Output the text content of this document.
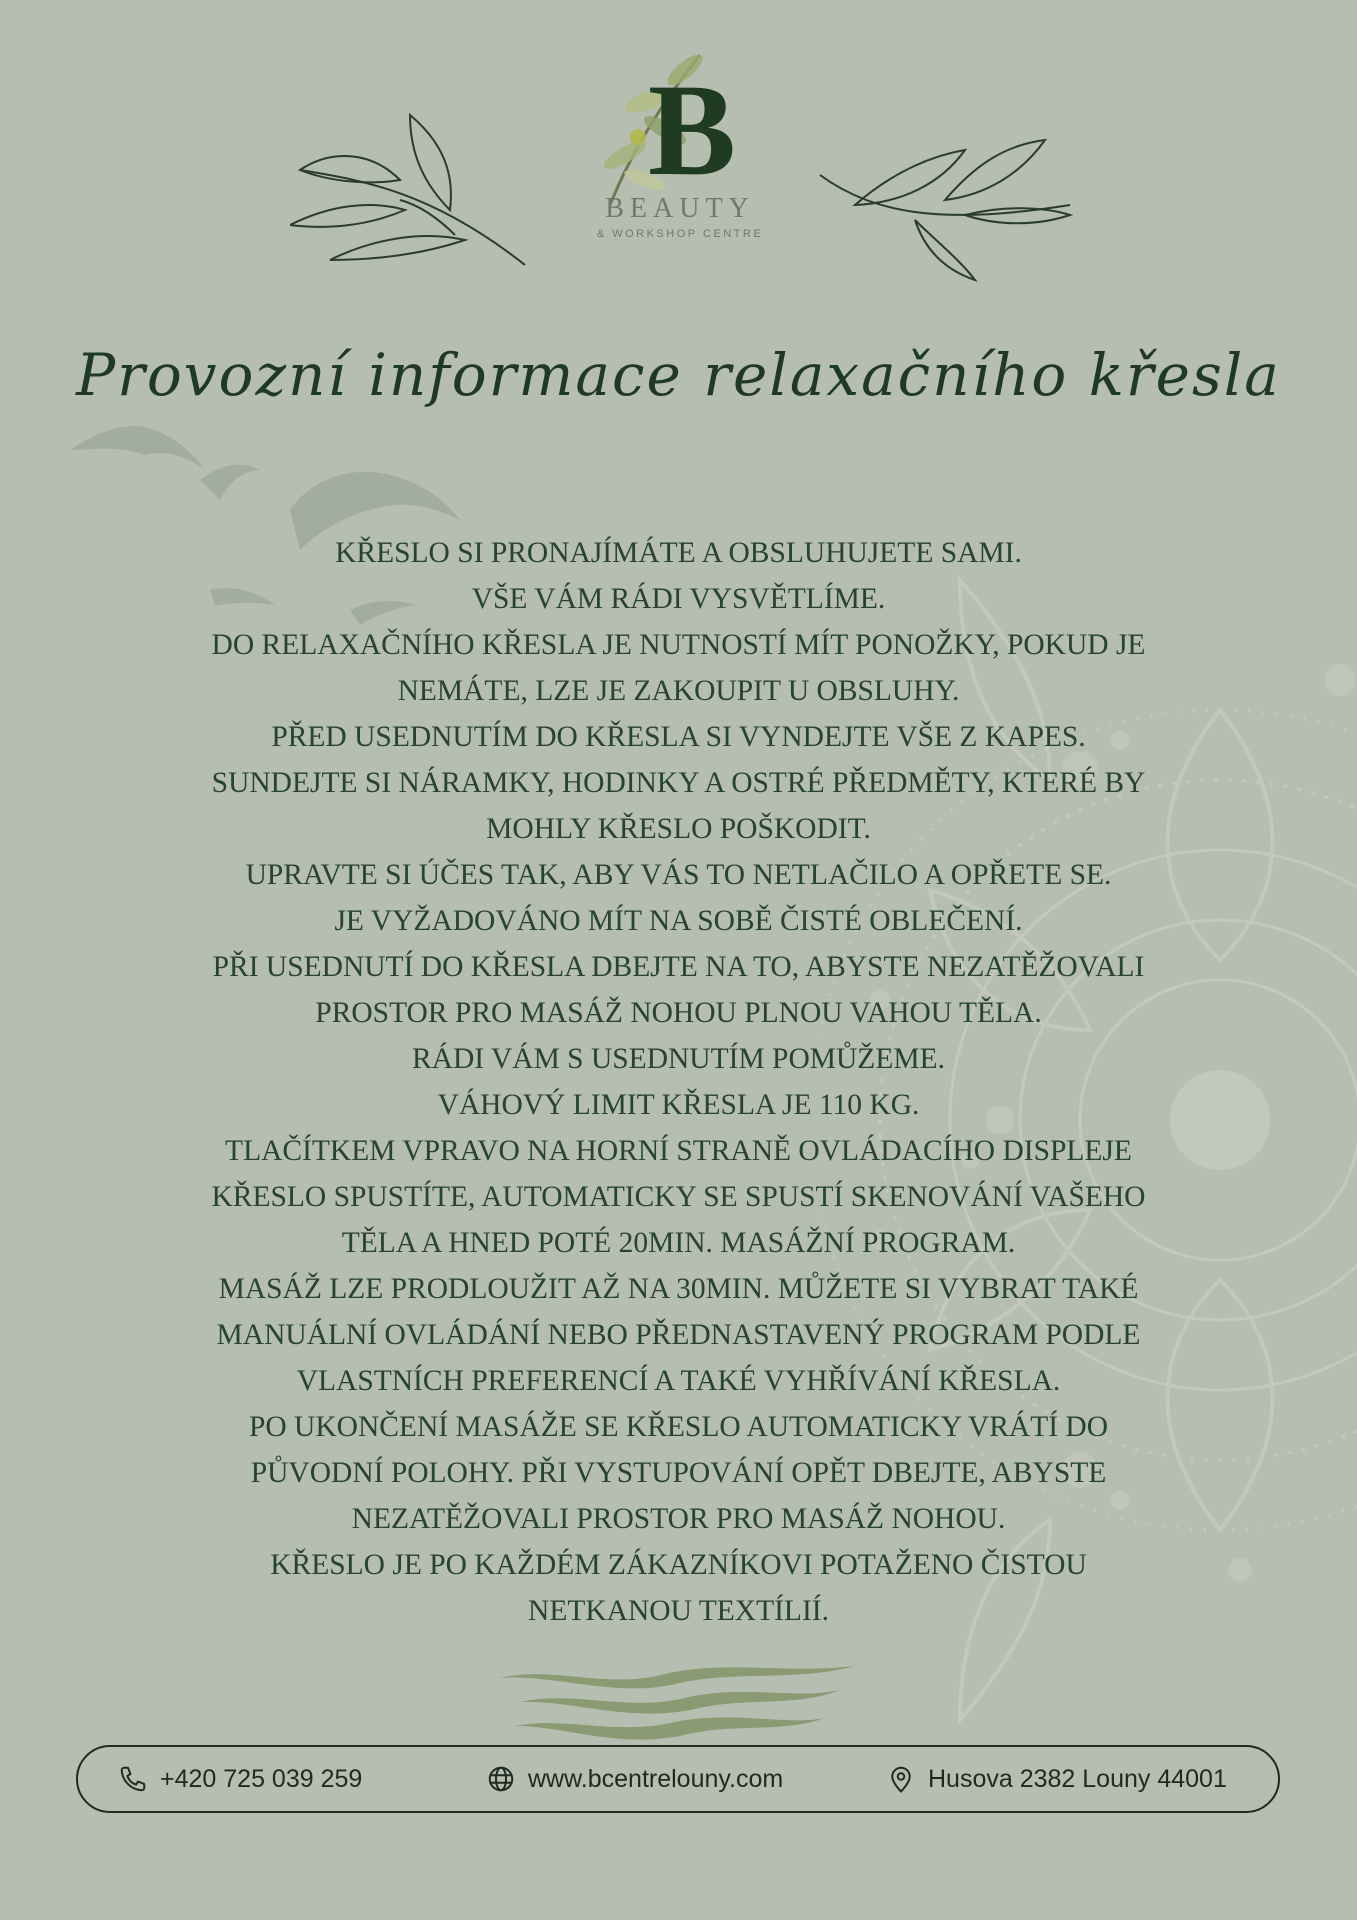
B
BEAUTY
& WORKSHOP CENTRE
Provozní informace relaxačního křesla
KŘESLO SI PRONAJÍMÁTE A OBSLUHUJETE SAMI.
VŠE VÁM RÁDI VYSVĚTLÍME.
DO RELAXAČNÍHO KŘESLA JE NUTNOSTÍ MÍT PONOŽKY, POKUD JE
NEMÁTE, LZE JE ZAKOUPIT U OBSLUHY.
PŘED USEDNUTÍM DO KŘESLA SI VYNDEJTE VŠE Z KAPES.
SUNDEJTE SI NÁRAMKY, HODINKY A OSTRÉ PŘEDMĚTY, KTERÉ BY
MOHLY KŘESLO POŠKODIT.
UPRAVTE SI ÚČES TAK, ABY VÁS TO NETLAČILO A OPŘETE SE.
JE VYŽADOVÁNO MÍT NA SOBĚ ČISTÉ OBLEČENÍ.
PŘI USEDNUTÍ DO KŘESLA DBEJTE NA TO, ABYSTE NEZATĚŽOVALI
PROSTOR PRO MASÁŽ NOHOU PLNOU VAHOU TĚLA.
RÁDI VÁM S USEDNUTÍM POMŮŽEME.
VÁHOVÝ LIMIT KŘESLA JE 110 KG.
TLAČÍTKEM VPRAVO NA HORNÍ STRANĚ OVLÁDACÍHO DISPLEJE
KŘESLO SPUSTÍTE, AUTOMATICKY SE SPUSTÍ SKENOVÁNÍ VAŠEHO
TĚLA A HNED POTÉ 20MIN. MASÁŽNÍ PROGRAM.
MASÁŽ LZE PRODLOUŽIT AŽ NA 30MIN. MŮŽETE SI VYBRAT TAKÉ
MANUÁLNÍ OVLÁDÁNÍ NEBO PŘEDNASTAVENÝ PROGRAM PODLE
VLASTNÍCH PREFERENCÍ A TAKÉ VYHŘÍVÁNÍ KŘESLA.
PO UKONČENÍ MASÁŽE SE KŘESLO AUTOMATICKY VRÁTÍ DO
PŮVODNÍ POLOHY. PŘI VYSTUPOVÁNÍ OPĚT DBEJTE, ABYSTE
NEZATĚŽOVALI PROSTOR PRO MASÁŽ NOHOU.
KŘESLO JE PO KAŽDÉM ZÁKAZNÍKOVI POTAŽENO ČISTOU
NETKANOU TEXTÍLIÍ.
+420 725 039 259	www.bcentrelouny.com	Husova 2382 Louny 44001
